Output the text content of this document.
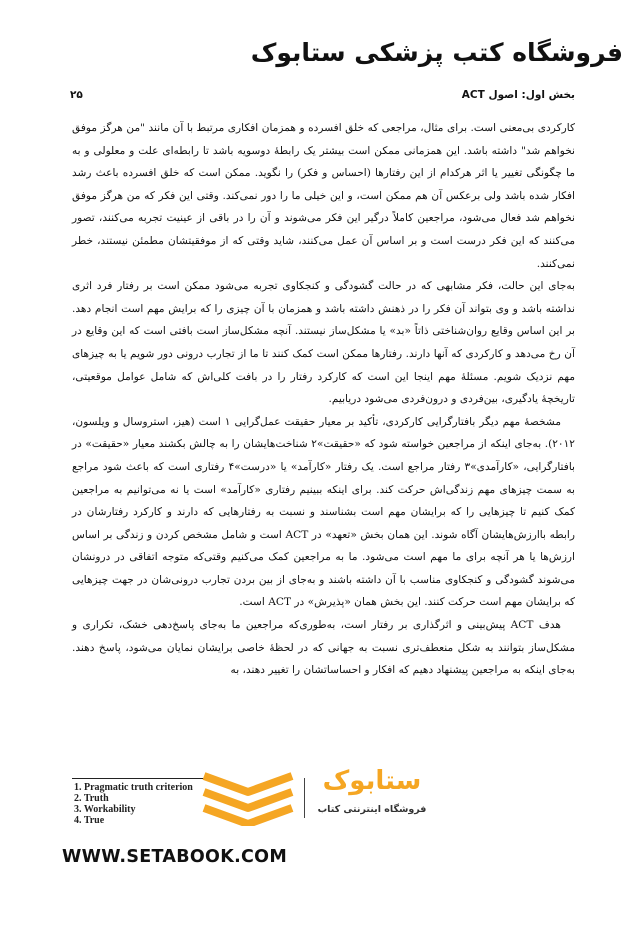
فروشگاه کتب پزشکی ستابوک
۲۵	بخش اول: اصول ACT

کارکردی بی‌معنی است. برای مثال، مراجعی که خلق افسرده و همزمان افکاری مرتبط با آن مانند "من هرگز موفق نخواهم شد" داشته باشد. این همزمانی ممکن است بیشتر یک رابطهٔ دوسویه باشد تا رابطه‌ای علت و معلولی و به ما چگونگی تغییر یا اثر هرکدام از این رفتارها (احساس و فکر) را نگوید. ممکن است که خلق افسرده باعث رشد افکار شده باشد ولی برعکس آن هم ممکن است، و این خیلی ما را دور نمی‌کند. وقتی این فکر که من هرگز موفق نخواهم شد فعال می‌شود، مراجعین کاملاً درگیر این فکر می‌شوند و آن را در باقی از عینیت تجربه می‌کنند، تصور می‌کنند که این فکر درست است و بر اساس آن عمل می‌کنند، شاید وقتی که از موفقیتشان مطمئن نیستند، خطر نمی‌کنند.

به‌جای این حالت، فکر مشابهی که در حالت گشودگی و کنجکاوی تجربه می‌شود ممکن است بر رفتار فرد اثری نداشته باشد و وی بتواند آن فکر را در ذهنش داشته باشد و همزمان با آن چیزی را که برایش مهم است انجام دهد. بر این اساس وقایع روان‌شناختی ذاتاً «بد» یا مشکل‌ساز نیستند. آنچه مشکل‌ساز است بافتی است که این وقایع در آن رخ می‌دهد و کارکردی که آنها دارند. رفتارها ممکن است کمک کنند تا ما از تجارب درونی دور شویم یا به چیزهای مهم نزدیک شویم. مسئلهٔ مهم اینجا این است که کارکرد رفتار را در بافت کلی‌اش که شامل عوامل موقعیتی، تاریخچهٔ یادگیری، بین‌فردی و درون‌فردی می‌شود دریابیم.

مشخصهٔ مهم دیگر بافتارگرایی کارکردی، تأکید بر معیار حقیقت عمل‌گرایی ۱ است (هیز، استروسال و ویلسون، ۲۰۱۲). به‌جای اینکه از مراجعین خواسته شود که «حقیقت»۲ شناخت‌هایشان را به چالش بکشند معیار «حقیقت» در بافتارگرایی، «کارآمدی»۳ رفتار مراجع است. یک رفتار «کارآمد» یا «درست»۴ رفتاری است که باعث شود مراجع به سمت چیزهای مهم زندگی‌اش حرکت کند. برای اینکه ببینیم رفتاری «کارآمد» است یا نه می‌توانیم به مراجعین کمک کنیم تا چیزهایی را که برایشان مهم است بشناسند و نسبت به رفتارهایی که دارند و کارکرد رفتارشان در رابطه باارزش‌هایشان آگاه شوند. این همان بخش «تعهد» در ACT است و شامل مشخص کردن و زندگی بر اساس ارزش‌ها یا هر آنچه برای ما مهم است می‌شود. ما به مراجعین کمک می‌کنیم وقتی‌که متوجه اتفاقی در درونشان می‌شوند گشودگی و کنجکاوی مناسب با آن داشته باشند و به‌جای از بین بردن تجارب درونی‌شان در جهت چیزهایی که برایشان مهم است حرکت کنند. این بخش همان «پذیرش» در ACT است.

هدف ACT پیش‌بینی و اثرگذاری بر رفتار است، به‌طوری‌که مراجعین ما به‌جای پاسخ‌دهی خشک، تکراری و مشکل‌ساز بتوانند به شکل منعطف‌تری نسبت به جهانی که در لحظهٔ خاصی برایشان نمایان می‌شود، پاسخ دهند. به‌جای اینکه به مراجعین پیشنهاد دهیم که افکار و احساساتشان را تغییر دهند، به

1. Pragmatic truth criterion
2. Truth
3. Workability
4. True
ستابوک
فروشگاه اینترنتی کتاب
WWW.SETABOOK.COM
